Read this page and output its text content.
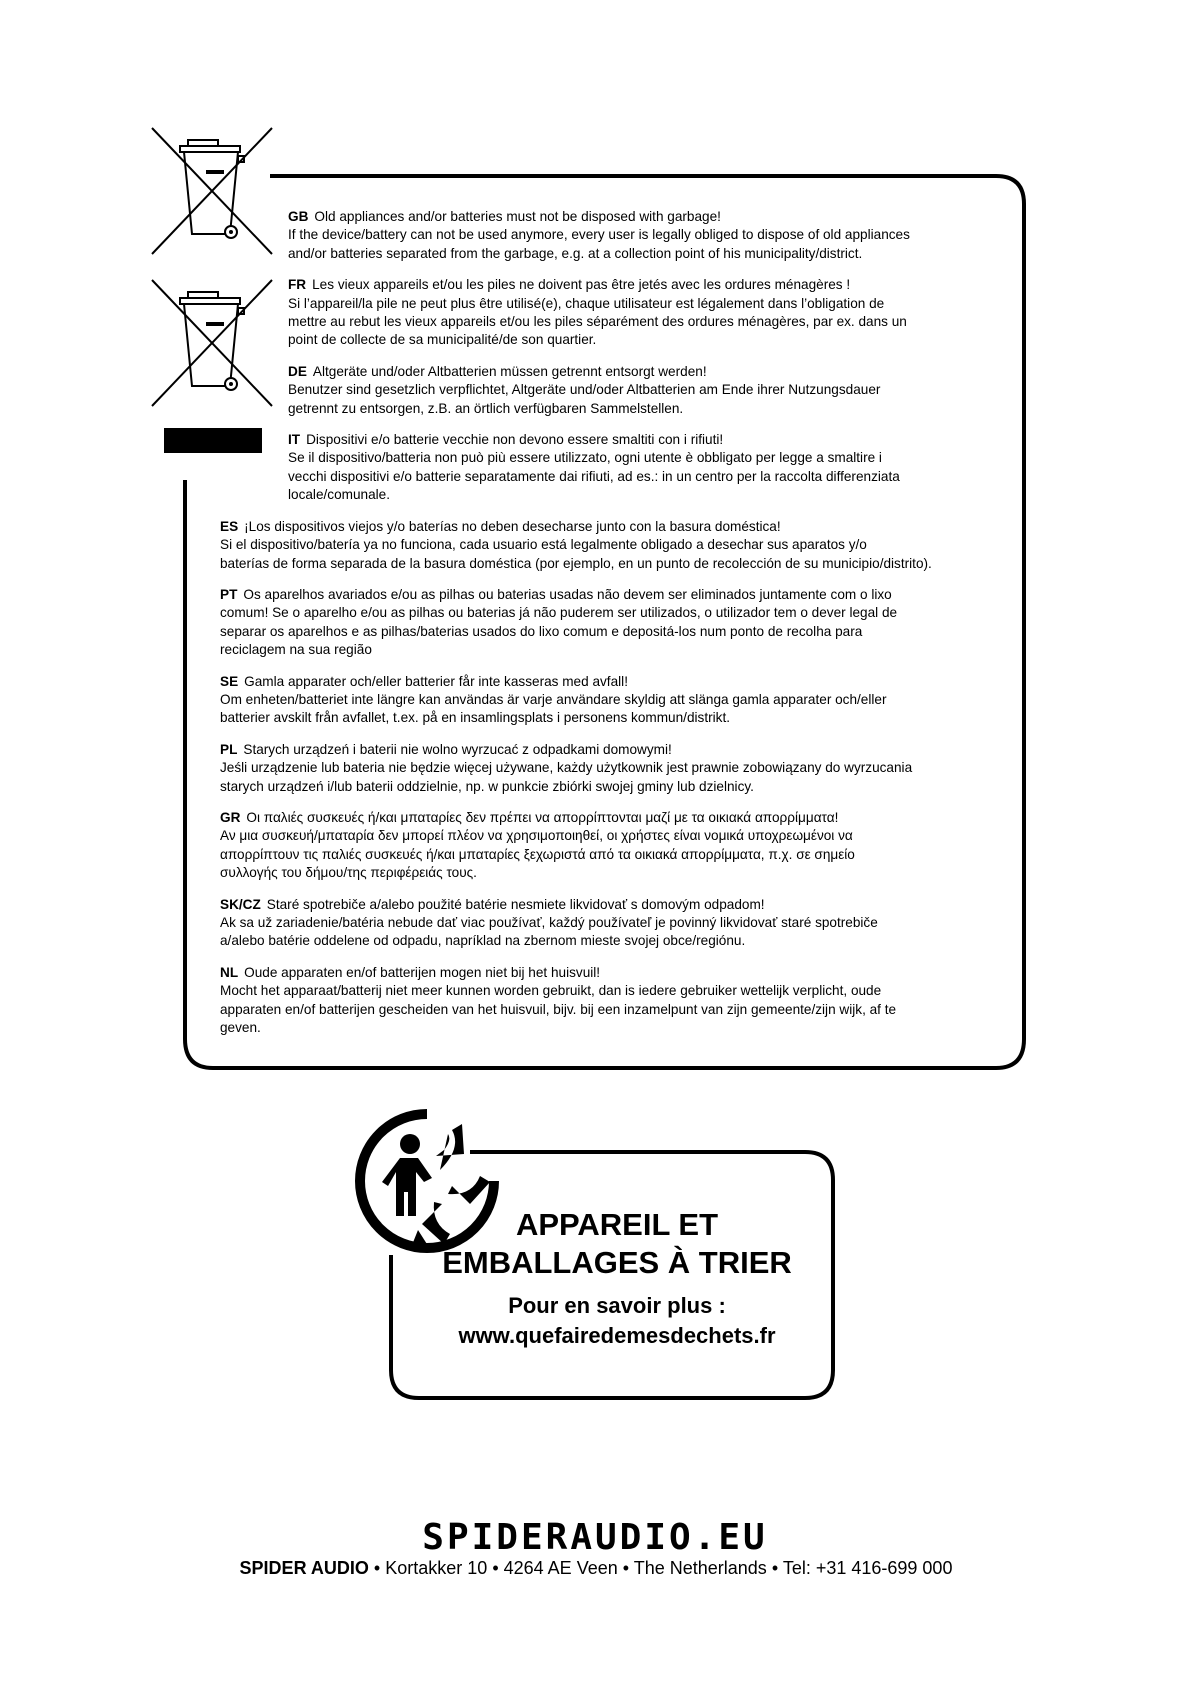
GB Old appliances and/or batteries must not be disposed with garbage!
If the device/battery can not be used anymore, every user is legally obliged to dispose of old appliances
and/or batteries separated from the garbage, e.g. at a collection point of his municipality/district.
FR Les vieux appareils et/ou les piles ne doivent pas être jetés avec les ordures ménagères !
Si l’appareil/la pile ne peut plus être utilisé(e), chaque utilisateur est légalement dans l’obligation de
mettre au rebut les vieux appareils et/ou les piles séparément des ordures ménagères, par ex. dans un
point de collecte de sa municipalité/de son quartier.
DE Altgeräte und/oder Altbatterien müssen getrennt entsorgt werden!
Benutzer sind gesetzlich verpflichtet, Altgeräte und/oder Altbatterien am Ende ihrer Nutzungsdauer
getrennt zu entsorgen, z.B. an örtlich verfügbaren Sammelstellen.
IT Dispositivi e/o batterie vecchie non devono essere smaltiti con i rifiuti!
Se il dispositivo/batteria non può più essere utilizzato, ogni utente è obbligato per legge a smaltire i
vecchi dispositivi e/o batterie separatamente dai rifiuti, ad es.: in un centro per la raccolta differenziata
locale/comunale.
ES ¡Los dispositivos viejos y/o baterías no deben desecharse junto con la basura doméstica!
Si el dispositivo/batería ya no funciona, cada usuario está legalmente obligado a desechar sus aparatos y/o
baterías de forma separada de la basura doméstica (por ejemplo, en un punto de recolección de su municipio/distrito).
PT Os aparelhos avariados e/ou as pilhas ou baterias usadas não devem ser eliminados juntamente com o lixo
comum! Se o aparelho e/ou as pilhas ou baterias já não puderem ser utilizados, o utilizador tem o dever legal de
separar os aparelhos e as pilhas/baterias usados do lixo comum e depositá-los num ponto de recolha para
reciclagem na sua região
SE Gamla apparater och/eller batterier får inte kasseras med avfall!
Om enheten/batteriet inte längre kan användas är varje användare skyldig att slänga gamla apparater och/eller
batterier avskilt från avfallet, t.ex. på en insamlingsplats i personens kommun/distrikt.
PL Starych urządzeń i baterii nie wolno wyrzucać z odpadkami domowymi!
Jeśli urządzenie lub bateria nie będzie więcej używane, każdy użytkownik jest prawnie zobowiązany do wyrzucania
starych urządzeń i/lub baterii oddzielnie, np. w punkcie zbiórki swojej gminy lub dzielnicy.
GR Οι παλιές συσκευές ή/και μπαταρίες δεν πρέπει να απορρίπτονται μαζί με τα οικιακά απορρίμματα!
Αν μια συσκευή/μπαταρία δεν μπορεί πλέον να χρησιμοποιηθεί, οι χρήστες είναι νομικά υποχρεωμένοι να
απορρίπτουν τις παλιές συσκευές ή/και μπαταρίες ξεχωριστά από τα οικιακά απορρίμματα, π.χ. σε σημείο
συλλογής του δήμου/της περιφέρειάς τους.
SK/CZ Staré spotrebiče a/alebo použité batérie nesmiete likvidovať s domovým odpadom!
Ak sa už zariadenie/batéria nebude dať viac používať, každý používateľ je povinný likvidovať staré spotrebiče
a/alebo batérie oddelene od odpadu, napríklad na zbernom mieste svojej obce/regiónu.
NL Oude apparaten en/of batterijen mogen niet bij het huisvuil!
Mocht het apparaat/batterij niet meer kunnen worden gebruikt, dan is iedere gebruiker wettelijk verplicht, oude
apparaten en/of batterijen gescheiden van het huisvuil, bijv. bij een inzamelpunt van zijn gemeente/zijn wijk, af te
geven.
APPAREIL ET
EMBALLAGES À TRIER
Pour en savoir plus :
www.quefairedemesdechets.fr
SPIDERAUDIO.EU
SPIDER AUDIO • Kortakker 10 • 4264 AE Veen • The Netherlands • Tel: +31 416-699 000
